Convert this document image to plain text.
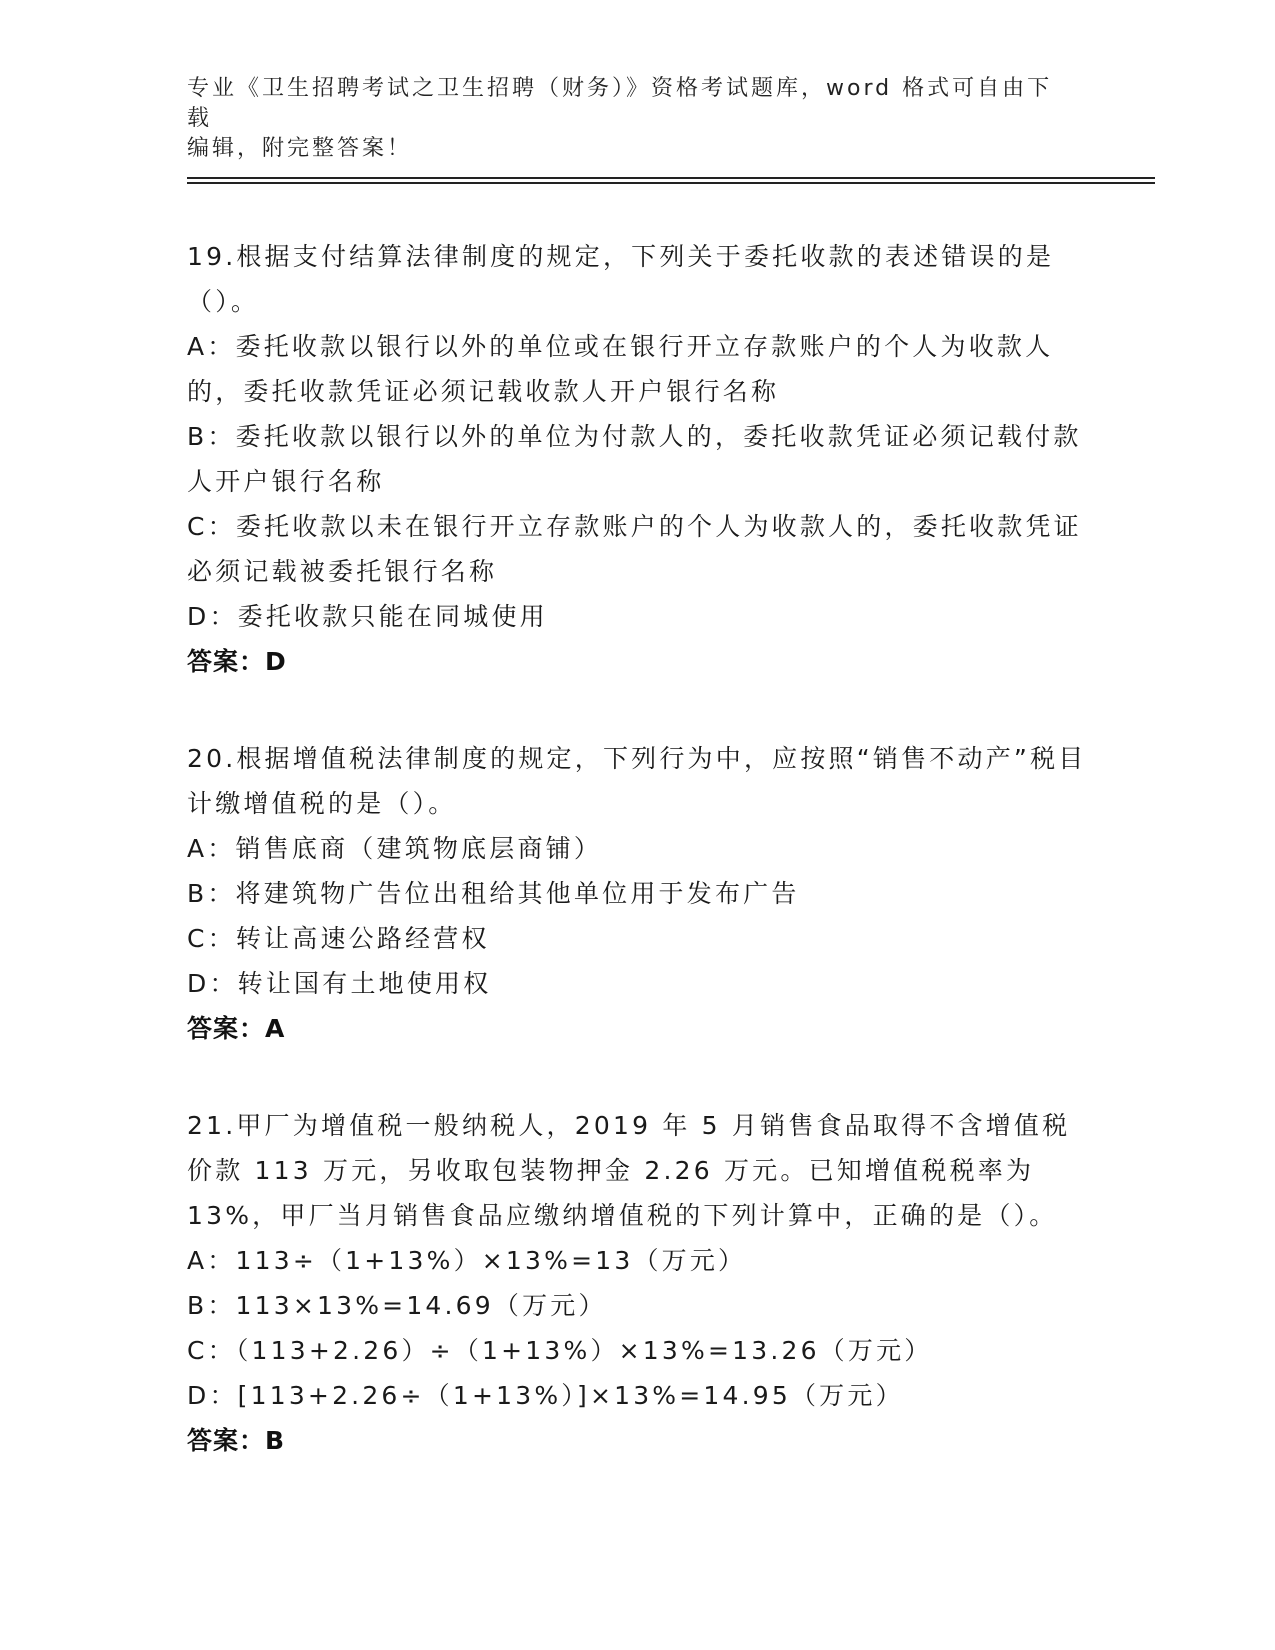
专业《卫生招聘考试之卫生招聘（财务）》资格考试题库，word 格式可自由下载
编辑，附完整答案！

19.根据支付结算法律制度的规定，下列关于委托收款的表述错误的是（）。

A：委托收款以银行以外的单位或在银行开立存款账户的个人为收款人的，委托收款凭证必须记载收款人开户银行名称

B：委托收款以银行以外的单位为付款人的，委托收款凭证必须记载付款人开户银行名称

C：委托收款以未在银行开立存款账户的个人为收款人的，委托收款凭证必须记载被委托银行名称

D：委托收款只能在同城使用

答案：D

20.根据增值税法律制度的规定，下列行为中，应按照“销售不动产”税目计缴增值税的是（）。

A：销售底商（建筑物底层商铺）

B：将建筑物广告位出租给其他单位用于发布广告

C：转让高速公路经营权

D：转让国有土地使用权

答案：A

21.甲厂为增值税一般纳税人，2019 年 5 月销售食品取得不含增值税价款 113 万元，另收取包装物押金 2.26 万元。已知增值税税率为 13%，甲厂当月销售食品应缴纳增值税的下列计算中，正确的是（）。

A：113÷（1+13%）×13%=13（万元）

B：113×13%=14.69（万元）

C：（113+2.26）÷（1+13%）×13%=13.26（万元）

D：[113+2.26÷（1+13%）]×13%=14.95（万元）

答案：B
